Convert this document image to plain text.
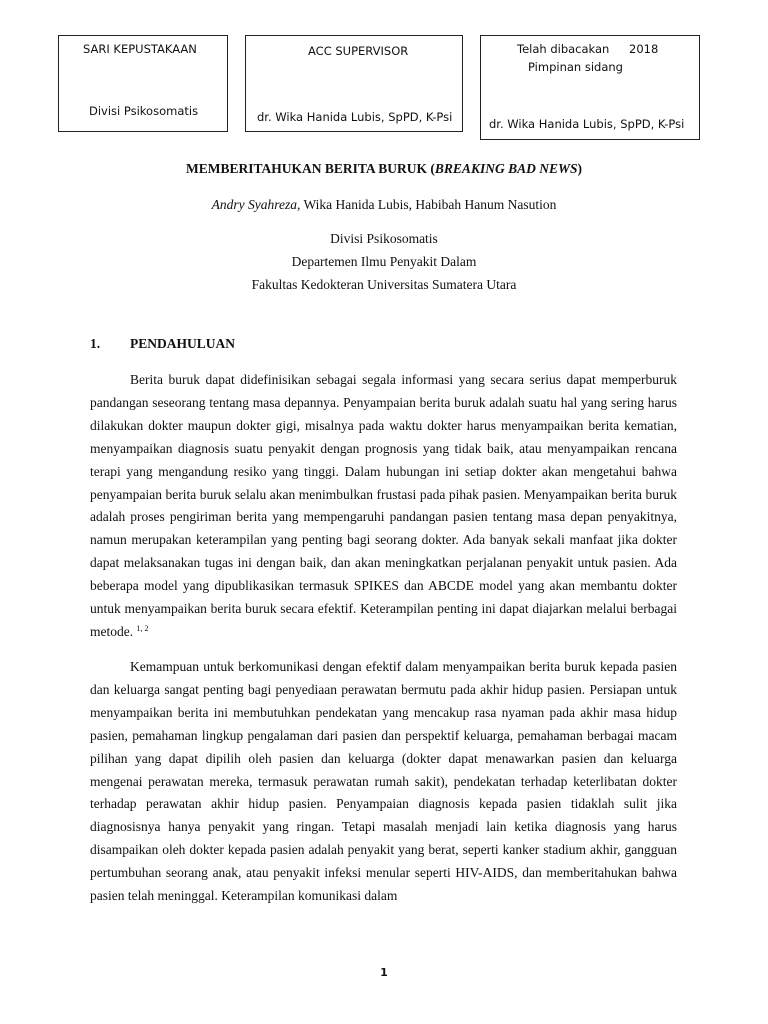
SARI KEPUSTAKAAN
Divisi Psikosomatis
ACC SUPERVISOR
dr. Wika Hanida Lubis, SpPD, K-Psi
Telah dibacakan 2018
Pimpinan sidang
dr. Wika Hanida Lubis, SpPD, K-Psi
MEMBERITAHUKAN BERITA BURUK (BREAKING BAD NEWS)
Andry Syahreza, Wika Hanida Lubis, Habibah Hanum Nasution
Divisi Psikosomatis
Departemen Ilmu Penyakit Dalam
Fakultas Kedokteran Universitas Sumatera Utara
1. PENDAHULUAN

Berita buruk dapat didefinisikan sebagai segala informasi yang secara serius dapat memperburuk pandangan seseorang tentang masa depannya. Penyampaian berita buruk adalah suatu hal yang sering harus dilakukan dokter maupun dokter gigi, misalnya pada waktu dokter harus menyampaikan berita kematian, menyampaikan diagnosis suatu penyakit dengan prognosis yang tidak baik, atau menyampaikan rencana terapi yang mengandung resiko yang tinggi. Dalam hubungan ini setiap dokter akan mengetahui bahwa penyampaian berita buruk selalu akan menimbulkan frustasi pada pihak pasien. Menyampaikan berita buruk adalah proses pengiriman berita yang mempengaruhi pandangan pasien tentang masa depan penyakitnya, namun merupakan keterampilan yang penting bagi seorang dokter. Ada banyak sekali manfaat jika dokter dapat melaksanakan tugas ini dengan baik, dan akan meningkatkan perjalanan penyakit untuk pasien. Ada beberapa model yang dipublikasikan termasuk SPIKES dan ABCDE model yang akan membantu dokter untuk menyampaikan berita buruk secara efektif. Keterampilan penting ini dapat diajarkan melalui berbagai metode. $^{1, 2}$

Kemampuan untuk berkomunikasi dengan efektif dalam menyampaikan berita buruk kepada pasien dan keluarga sangat penting bagi penyediaan perawatan bermutu pada akhir hidup pasien. Persiapan untuk menyampaikan berita ini membutuhkan pendekatan yang mencakup rasa nyaman pada akhir masa hidup pasien, pemahaman lingkup pengalaman dari pasien dan perspektif keluarga, pemahaman berbagai macam pilihan yang dapat dipilih oleh pasien dan keluarga (dokter dapat menawarkan pasien dan keluarga mengenai perawatan mereka, termasuk perawatan rumah sakit), pendekatan terhadap keterlibatan dokter terhadap perawatan akhir hidup pasien. Penyampaian diagnosis kepada pasien tidaklah sulit jika diagnosisnya hanya penyakit yang ringan. Tetapi masalah menjadi lain ketika diagnosis yang harus disampaikan oleh dokter kepada pasien adalah penyakit yang berat, seperti kanker stadium akhir, gangguan pertumbuhan seorang anak, atau penyakit infeksi menular seperti HIV-AIDS, dan memberitahukan bahwa pasien telah meninggal. Keterampilan komunikasi dalam

1
